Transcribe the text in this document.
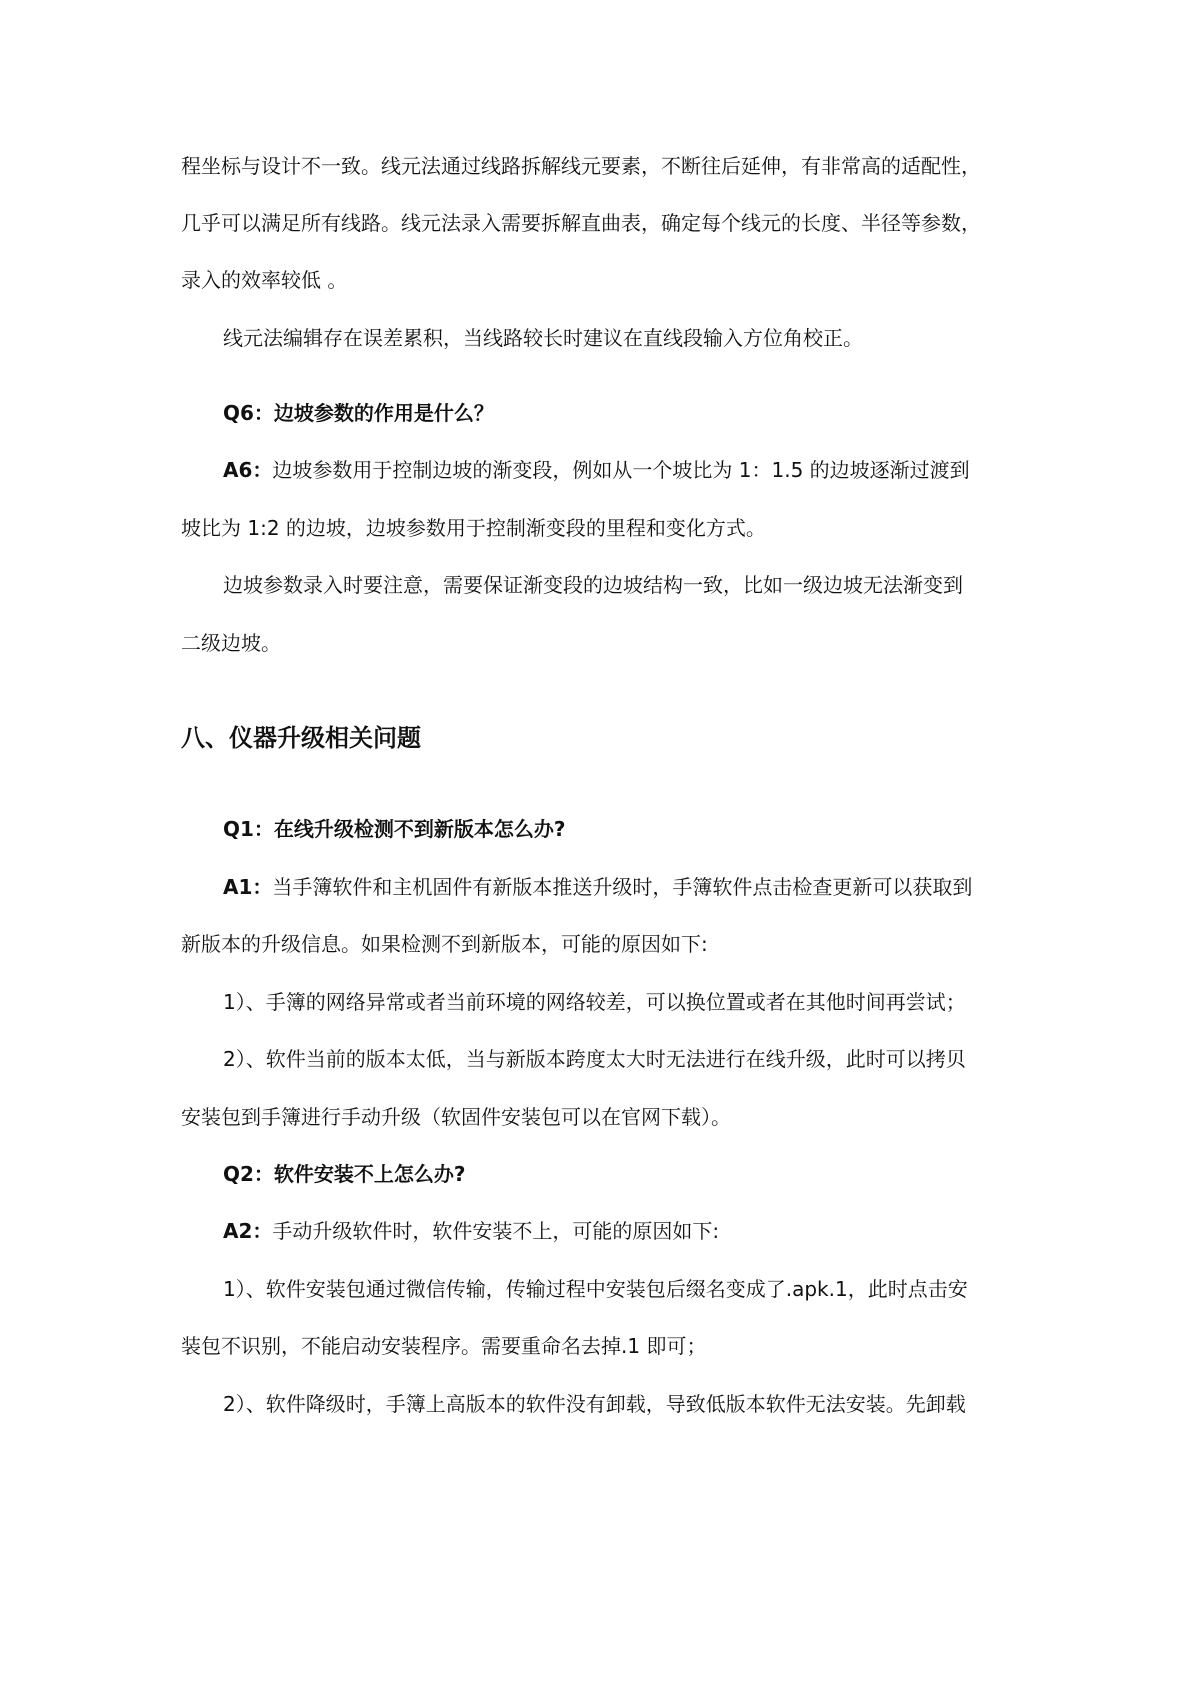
程坐标与设计不一致。线元法通过线路拆解线元要素，不断往后延伸，有非常高的适配性，
几乎可以满足所有线路。线元法录入需要拆解直曲表，确定每个线元的长度、半径等参数，
录入的效率较低 。
线元法编辑存在误差累积，当线路较长时建议在直线段输入方位角校正。
Q6：边坡参数的作用是什么？
A6：边坡参数用于控制边坡的渐变段，例如从一个坡比为 1：1.5 的边坡逐渐过渡到
坡比为 1:2 的边坡，边坡参数用于控制渐变段的里程和变化方式。
边坡参数录入时要注意，需要保证渐变段的边坡结构一致，比如一级边坡无法渐变到
二级边坡。
八、仪器升级相关问题
Q1：在线升级检测不到新版本怎么办?
A1：当手簿软件和主机固件有新版本推送升级时，手簿软件点击检查更新可以获取到
新版本的升级信息。如果检测不到新版本，可能的原因如下:
1）、手簿的网络异常或者当前环境的网络较差，可以换位置或者在其他时间再尝试；
2）、软件当前的版本太低，当与新版本跨度太大时无法进行在线升级，此时可以拷贝
安装包到手簿进行手动升级（软固件安装包可以在官网下载）。
Q2：软件安装不上怎么办?
A2：手动升级软件时，软件安装不上，可能的原因如下:
1）、软件安装包通过微信传输，传输过程中安装包后缀名变成了.apk.1，此时点击安
装包不识别，不能启动安装程序。需要重命名去掉.1 即可；
2）、软件降级时，手簿上高版本的软件没有卸载，导致低版本软件无法安装。先卸载
